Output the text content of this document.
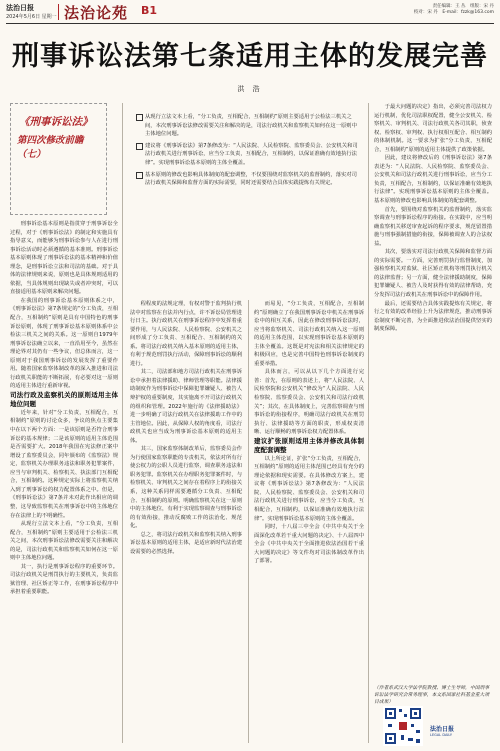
法治日报
2024年5月6日 星期一 法治论苑 B1	责任编辑：王 丛　组版：宋 丹
校对：宋 丹　E-mail：fzzk@163.com
刑事诉讼法第七条适用主体的发展完善
洪 浩
《刑事诉讼法》
第四次修改前瞻（七）
从现行立法文本上看，“分工负责，互相配合，互相制约”原则主要适用于公检法三机关之间，本次刑事诉讼法修改需要关注和解决的是，司法行政机关和监察机关如何在这一原则中主体地位问题。
建议将《刑事诉讼法》第7条修改为：“人民法院、人民检察院、监察委员会、公安机关和司法行政机关进行刑事诉讼，应当分工负责，互相配合，互相制约，以保证准确有效地执行法律”。实现刑事诉讼基本原则的主体全覆盖。
基本原则的修改也影响具体制度的配套调整，不仅要围绕对监察机关的监督制约，落实对司法行政机关保障和监督方面的实际需要，同时还需要结合具体实践提炼有关规定。

刑事诉讼基本原则是指贯穿于刑事诉讼全过程，对于《刑事诉讼法》的制定和实施具有指导意义，而能够为刑事诉讼参与人在进行刑事诉讼活动时必须遵循的基本准则。刑事诉讼基本原则体现了刑事诉讼法的基本精神和价值理念，是刑事诉讼立法和司法的基础。对于具体的法律规则来说，原则也是具体规则适用的依据，当具体规则出现缺失或者冲突时，可以直接适用基本原则来解决问题。

在我国的刑事诉讼基本原则体系之中，《刑事诉讼法》第7条规定的“分工负责，互相配合，互相制约”原则是具有中国特色的刑事诉讼原则，体现了刑事诉讼基本原则体系中公检法三机关之间的关系。这一原则自1979年刑事诉讼法确立以来，一直沿用至今，虽然在理论界对其仍有一些争议，但总体而言，这一原则对于我国刑事诉讼的发展发挥了重要作用。随着国家监察体制改革的深入推进和司法行政机关职能的不断拓展，有必要对这一原则的适用主体进行重新审视。

司法行政及监察机关的原则适用主体地位问题

近年来，针对“分工负责，互相配合，互相制约”原则的讨论众多，争议的焦点主要集中在以下两个方面：一是该原则是否符合刑事诉讼的基本规律；二是该原则的适用主体范围是否需要扩大。2018年我国在宪法修正案中增设了监察委员会，同年颁布的《监察法》规定，监察机关办理职务违法和职务犯罪案件，应当与审判机关、检察机关、执法部门互相配合，互相制约。这种规定实际上将监察机关纳入到了刑事诉讼的权力配置体系之中。但是，《刑事诉讼法》第7条并未对此作出相应的调整，这导致监察机关在刑事诉讼中的主体地位存在法律上的不明确性。

从现行立法文本上看，“分工负责，互相配合，互相制约”原则主要适用于公检法三机关之间，本次刑事诉讼法修改需要关注和解决的是，司法行政机关和监察机关如何在这一原则中主体地位问题。

其一，执行是刑事诉讼程序的重要环节。司法行政机关是刑罚执行的主要机关，负责监狱管理、社区矫正等工作，在刑事诉讼程序中承担着重要职能。

程程度的法规定理，有权对警于监判执行机法中对监察在自法并内行点，许不诉讼局管理进行日主。执行政机关在刑事诉讼程序中发挥着重要作用，与人民法院、人民检察院、公安机关之间形成了分工负责、互相配合、互相制约的关系。将司法行政机关纳入基本原则的适用主体，有利于规范刑罚执行活动，保障刑事诉讼的顺利进行。

其二，司法部和地方司法行政机关在刑事诉讼中承担着法律援助、律师管理等职能。法律援助制度作为刑事诉讼中保障犯罪嫌疑人、被告人辩护权的重要制度，其实施离不开司法行政机关的组织和管理。2022年施行的《法律援助法》进一步明确了司法行政机关在法律援助工作中的主管地位。因此，从保障人权的角度看，司法行政机关也应当成为刑事诉讼基本原则的适用主体。

其三，国家监察体制改革后，监察委员会作为行使国家监察职能的专责机关，依法对所有行使公权力的公职人员进行监察，调查职务违法和职务犯罪。监察机关在办理职务犯罪案件时，与检察机关、审判机关之间存在着程序上的衔接关系，这种关系同样需要遵循分工负责、互相配合、互相制约的原则。明确监察机关在这一原则中的主体地位，有利于实现监察调查与刑事诉讼的有效衔接，推动反腐败工作的法治化、规范化。

总之，将司法行政机关和监察机关纳入刑事诉讼基本原则的适用主体，是适应新时代法治建设需要的必然选择。

而易见，“分工负责，互相配合，互相制约”原则确立了在我国刑事诉讼中机关在刑事诉讼中的相互关系，因此在修改刑事诉讼法时，应当将监察机关、司法行政机关纳入这一原则的适用主体范围，以实现刑事诉讼基本原则的主体全覆盖。这既是对宪法和相关法律规定的积极回应，也是完善中国特色刑事诉讼制度的重要举措。

具体而言，可以从以下几个方面进行完善：首先，在原则的表述上，将“人民法院、人民检察院和公安机关”修改为“人民法院、人民检察院、监察委员会、公安机关和司法行政机关”；其次，在具体制度上，完善监察调查与刑事诉讼的衔接程序，明确司法行政机关在刑罚执行、法律援助等方面的职责，形成权责清晰、运行顺畅的刑事诉讼权力配置体系。

建议扩张原则适用主体并修改具体制度配套调整

以上所论证，扩张“分工负责，互相配合，互相制约”原则的适用主体范围已经具有充分的理论依据和现实需要。在具体修改方案上，建议将《刑事诉讼法》第7条修改为：“人民法院、人民检察院、监察委员会、公安机关和司法行政机关进行刑事诉讼，应当分工负责，互相配合，互相制约，以保证准确有效地执行法律”。实现刑事诉讼基本原则的主体全覆盖。

同时，十八届三中全会《中共中央关于全面深化改革若干重大问题的决定》、十八届四中全会《中共中央关于全面推进依法治国若干重大问题的决定》等文件均对司法体制改革作出了部署。

于最大问题的决定》指出，必须完善司法权力运行机制，优化司法职权配置，健全公安机关、检察机关、审判机关、司法行政机关各司其职，侦查权、检察权、审判权、执行权相互配合、相互制约的体制机制。这一要求为扩张“分工负责，互相配合，互相制约”原则的适用主体提供了政策依据。

因此，建议将修改后的《刑事诉讼法》第7条表述为：“人民法院、人民检察院、监察委员会、公安机关和司法行政机关进行刑事诉讼，应当分工负责，互相配合，互相制约，以保证准确有效地执行法律”。实现刑事诉讼基本原则的主体全覆盖。基本原则的修改也影响具体制度的配套调整。

首先，要围绕对监察机关的监督制约，落实监察调查与刑事诉讼程序的衔接。在实践中，应当明确监察机关移送审查起诉的程序要求，规范留置措施与刑事强制措施的衔接，保障被调查人的合法权益。

其次，要落实对司法行政机关保障和监督方面的实际需要。一方面，完善刑罚执行监督制度，加强检察机关对监狱、社区矫正机构等刑罚执行机关的法律监督；另一方面，健全法律援助制度，保障犯罪嫌疑人、被告人及时获得有效的法律帮助，充分发挥司法行政机关在刑事诉讼中的保障作用。

最后，还需要结合具体实践提炼有关规定，将行之有效的改革经验上升为法律规范，推动刑事诉讼制度不断完善，为全面推进依法治国提供坚实的制度保障。

（作者系武汉大学法学院教授、博士生导师，中国刑事诉讼法学研究会常务理事，本文系国家社科基金重大项目成果）
法治日报
LEGAL DAILY
